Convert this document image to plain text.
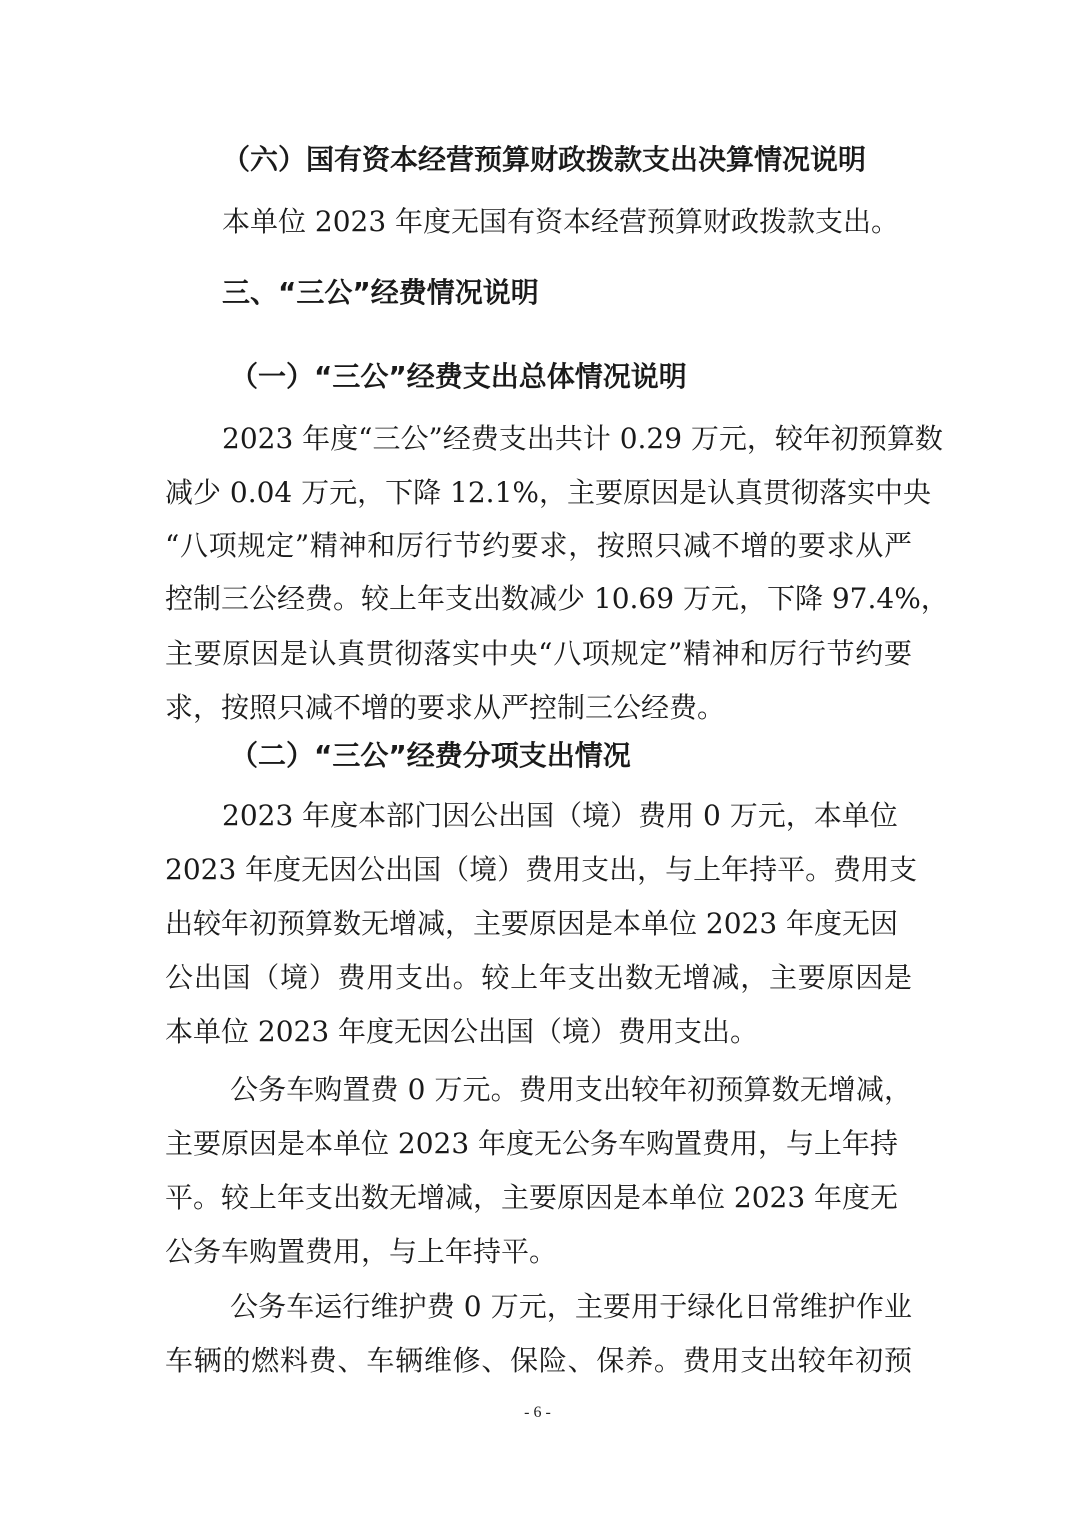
（六）国有资本经营预算财政拨款支出决算情况说明

本单位 2023 年度无国有资本经营预算财政拨款支出。

三、“三公”经费情况说明

（一）“三公”经费支出总体情况说明

2023 年度“三公”经费支出共计 0.29 万元，较年初预算数

减少 0.04 万元，下降 12.1%，主要原因是认真贯彻落实中央

“八项规定”精神和厉行节约要求，按照只减不增的要求从严

控制三公经费。较上年支出数减少 10.69 万元，下降 97.4%，

主要原因是认真贯彻落实中央“八项规定”精神和厉行节约要

求，按照只减不增的要求从严控制三公经费。

（二）“三公”经费分项支出情况

2023 年度本部门因公出国（境）费用 0 万元，本单位

2023 年度无因公出国（境）费用支出，与上年持平。费用支

出较年初预算数无增减，主要原因是本单位 2023 年度无因

公出国（境）费用支出。较上年支出数无增减，主要原因是

本单位 2023 年度无因公出国（境）费用支出。

公务车购置费 0 万元。费用支出较年初预算数无增减，

主要原因是本单位 2023 年度无公务车购置费用，与上年持

平。较上年支出数无增减，主要原因是本单位 2023 年度无

公务车购置费用，与上年持平。

公务车运行维护费 0 万元，主要用于绿化日常维护作业

车辆的燃料费、车辆维修、保险、保养。费用支出较年初预

- 6 -
